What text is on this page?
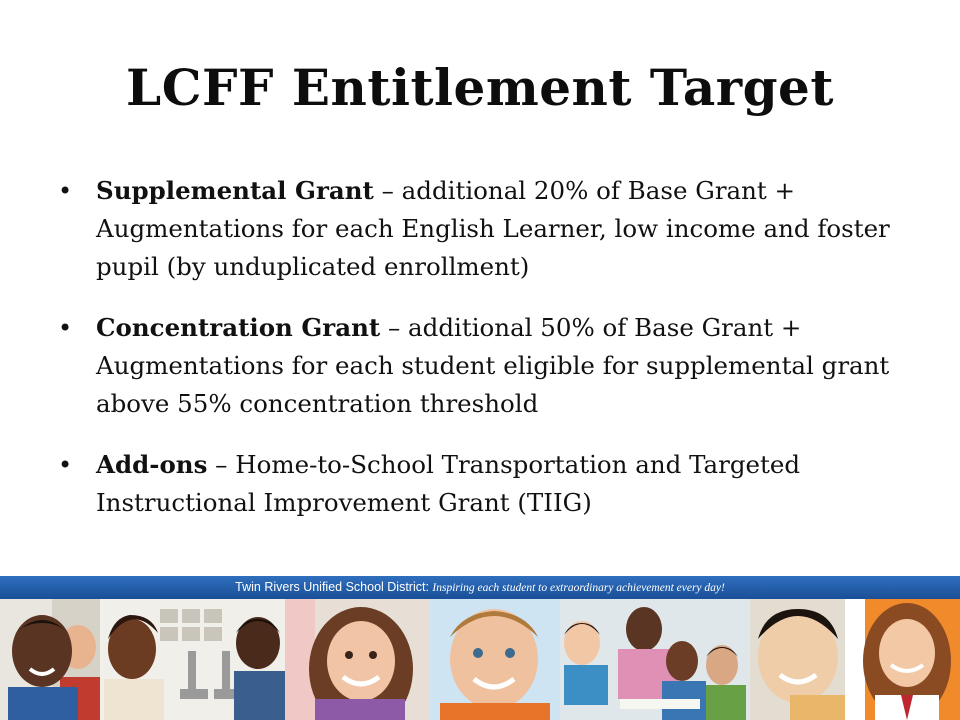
LCFF Entitlement Target
• Supplemental Grant – additional 20% of Base Grant + Augmentations for each English Learner, low income and foster pupil (by unduplicated enrollment)
• Concentration Grant – additional 50% of Base Grant + Augmentations for each student eligible for supplemental grant above 55% concentration threshold
• Add-ons – Home-to-School Transportation and Targeted Instructional Improvement Grant (TIIG)
Twin Rivers Unified School District: Inspiring each student to extraordinary achievement every day!
